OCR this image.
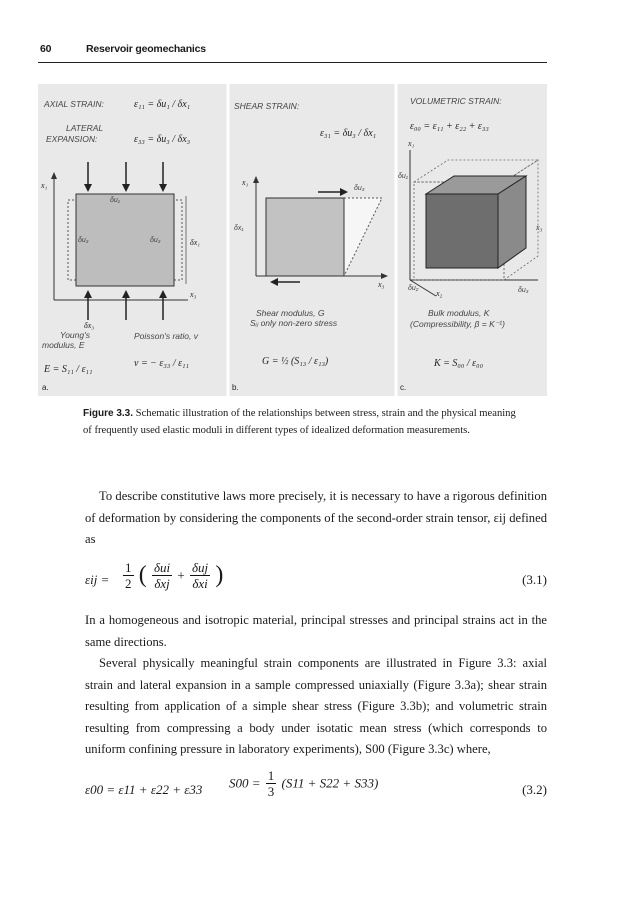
60	Reservoir geomechanics
AXIAL STRAIN:	ε₁₁ = δu₁ / δx₁
LATERAL
EXPANSION:	ε₃₃ = δu₃ / δx₃
x₁
x₃
δu₁
δu₃	δu₃	δx₁
δx₃
Young's
modulus, E
E = S₁₁ / ε₁₁
Poisson's ratio, v
v = − ε₃₃ / ε₁₁
a.
SHEAR STRAIN:
ε₃₁ = δu₃ / δx₁
x₁
x₃
δu₃
δx₁
Shear modulus, G
Sᵢⱼ only non-zero stress
G = ½ (S₁₃ / ε₁₃)
b.
VOLUMETRIC STRAIN:
ε₀₀ = ε₁₁ + ε₂₂ + ε₃₃
x₁
x₃
x₂
δu₁
δu₂	δu₃
Bulk modulus, K
(Compressibility, β = K⁻¹)
K = S₀₀ / ε₀₀
c.
Figure 3.3. Schematic illustration of the relationships between stress, strain and the physical meaning of frequently used elastic moduli in different types of idealized deformation measurements.
To describe constitutive laws more precisely, it is necessary to have a rigorous definition of deformation by considering the components of the second-order strain tensor, εij defined as
$\varepsilon ij = \frac{1}{2}$ ( $\frac{\text{δui}}{\text{δxj}} + \frac{\text{δuj}}{\text{δxi}}$ )	(3.1)
In a homogeneous and isotropic material, principal stresses and principal strains act in the same directions.
Several physically meaningful strain components are illustrated in Figure 3.3: axial strain and lateral expansion in a sample compressed uniaxially (Figure 3.3a); shear strain resulting from application of a simple shear stress (Figure 3.3b); and volumetric strain resulting from compressing a body under isotatic mean stress (which corresponds to uniform confining pressure in laboratory experiments), S00 (Figure 3.3c) where,
ε00 = ε11 + ε22 + ε33 $S00 = \frac{1}{3} (S11 + S22 + S33)$	(3.2)
